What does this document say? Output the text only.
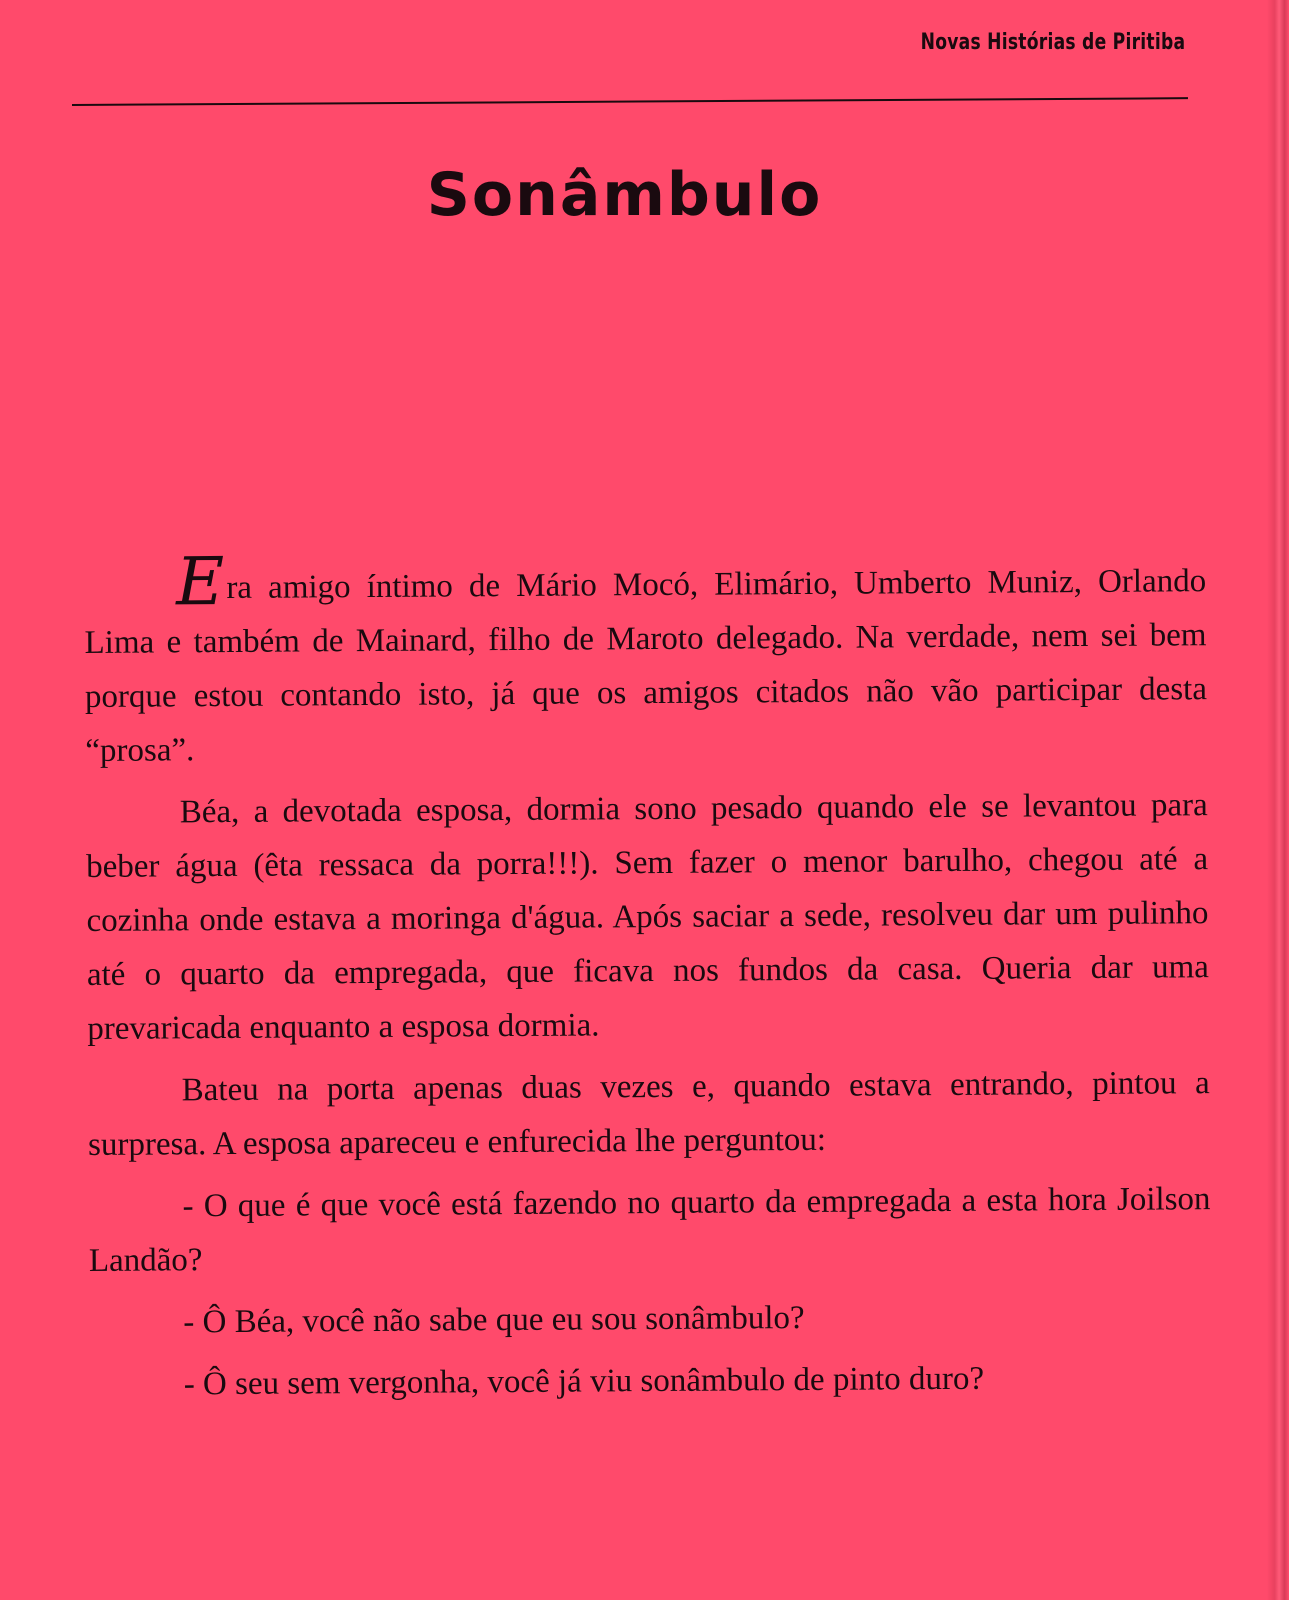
Novas Histórias de Piritiba
Sonâmbulo

Era amigo íntimo de Mário Mocó, Elimário, Umberto Muniz, Orlando Lima e também de Mainard, filho de Maroto delegado. Na verdade, nem sei bem porque estou contando isto, já que os amigos citados não vão participar desta “prosa”.

Béa, a devotada esposa, dormia sono pesado quando ele se levantou para beber água (êta ressaca da porra!!!). Sem fazer o menor barulho, chegou até a cozinha onde estava a moringa d'água. Após saciar a sede, resolveu dar um pulinho até o quarto da empregada, que ficava nos fundos da casa. Queria dar uma prevaricada enquanto a esposa dormia.

Bateu na porta apenas duas vezes e, quando estava entrando, pintou a surpresa. A esposa apareceu e enfurecida lhe perguntou:

- O que é que você está fazendo no quarto da empregada a esta hora Joilson Landão?

- Ô Béa, você não sabe que eu sou sonâmbulo?

- Ô seu sem vergonha, você já viu sonâmbulo de pinto duro?
